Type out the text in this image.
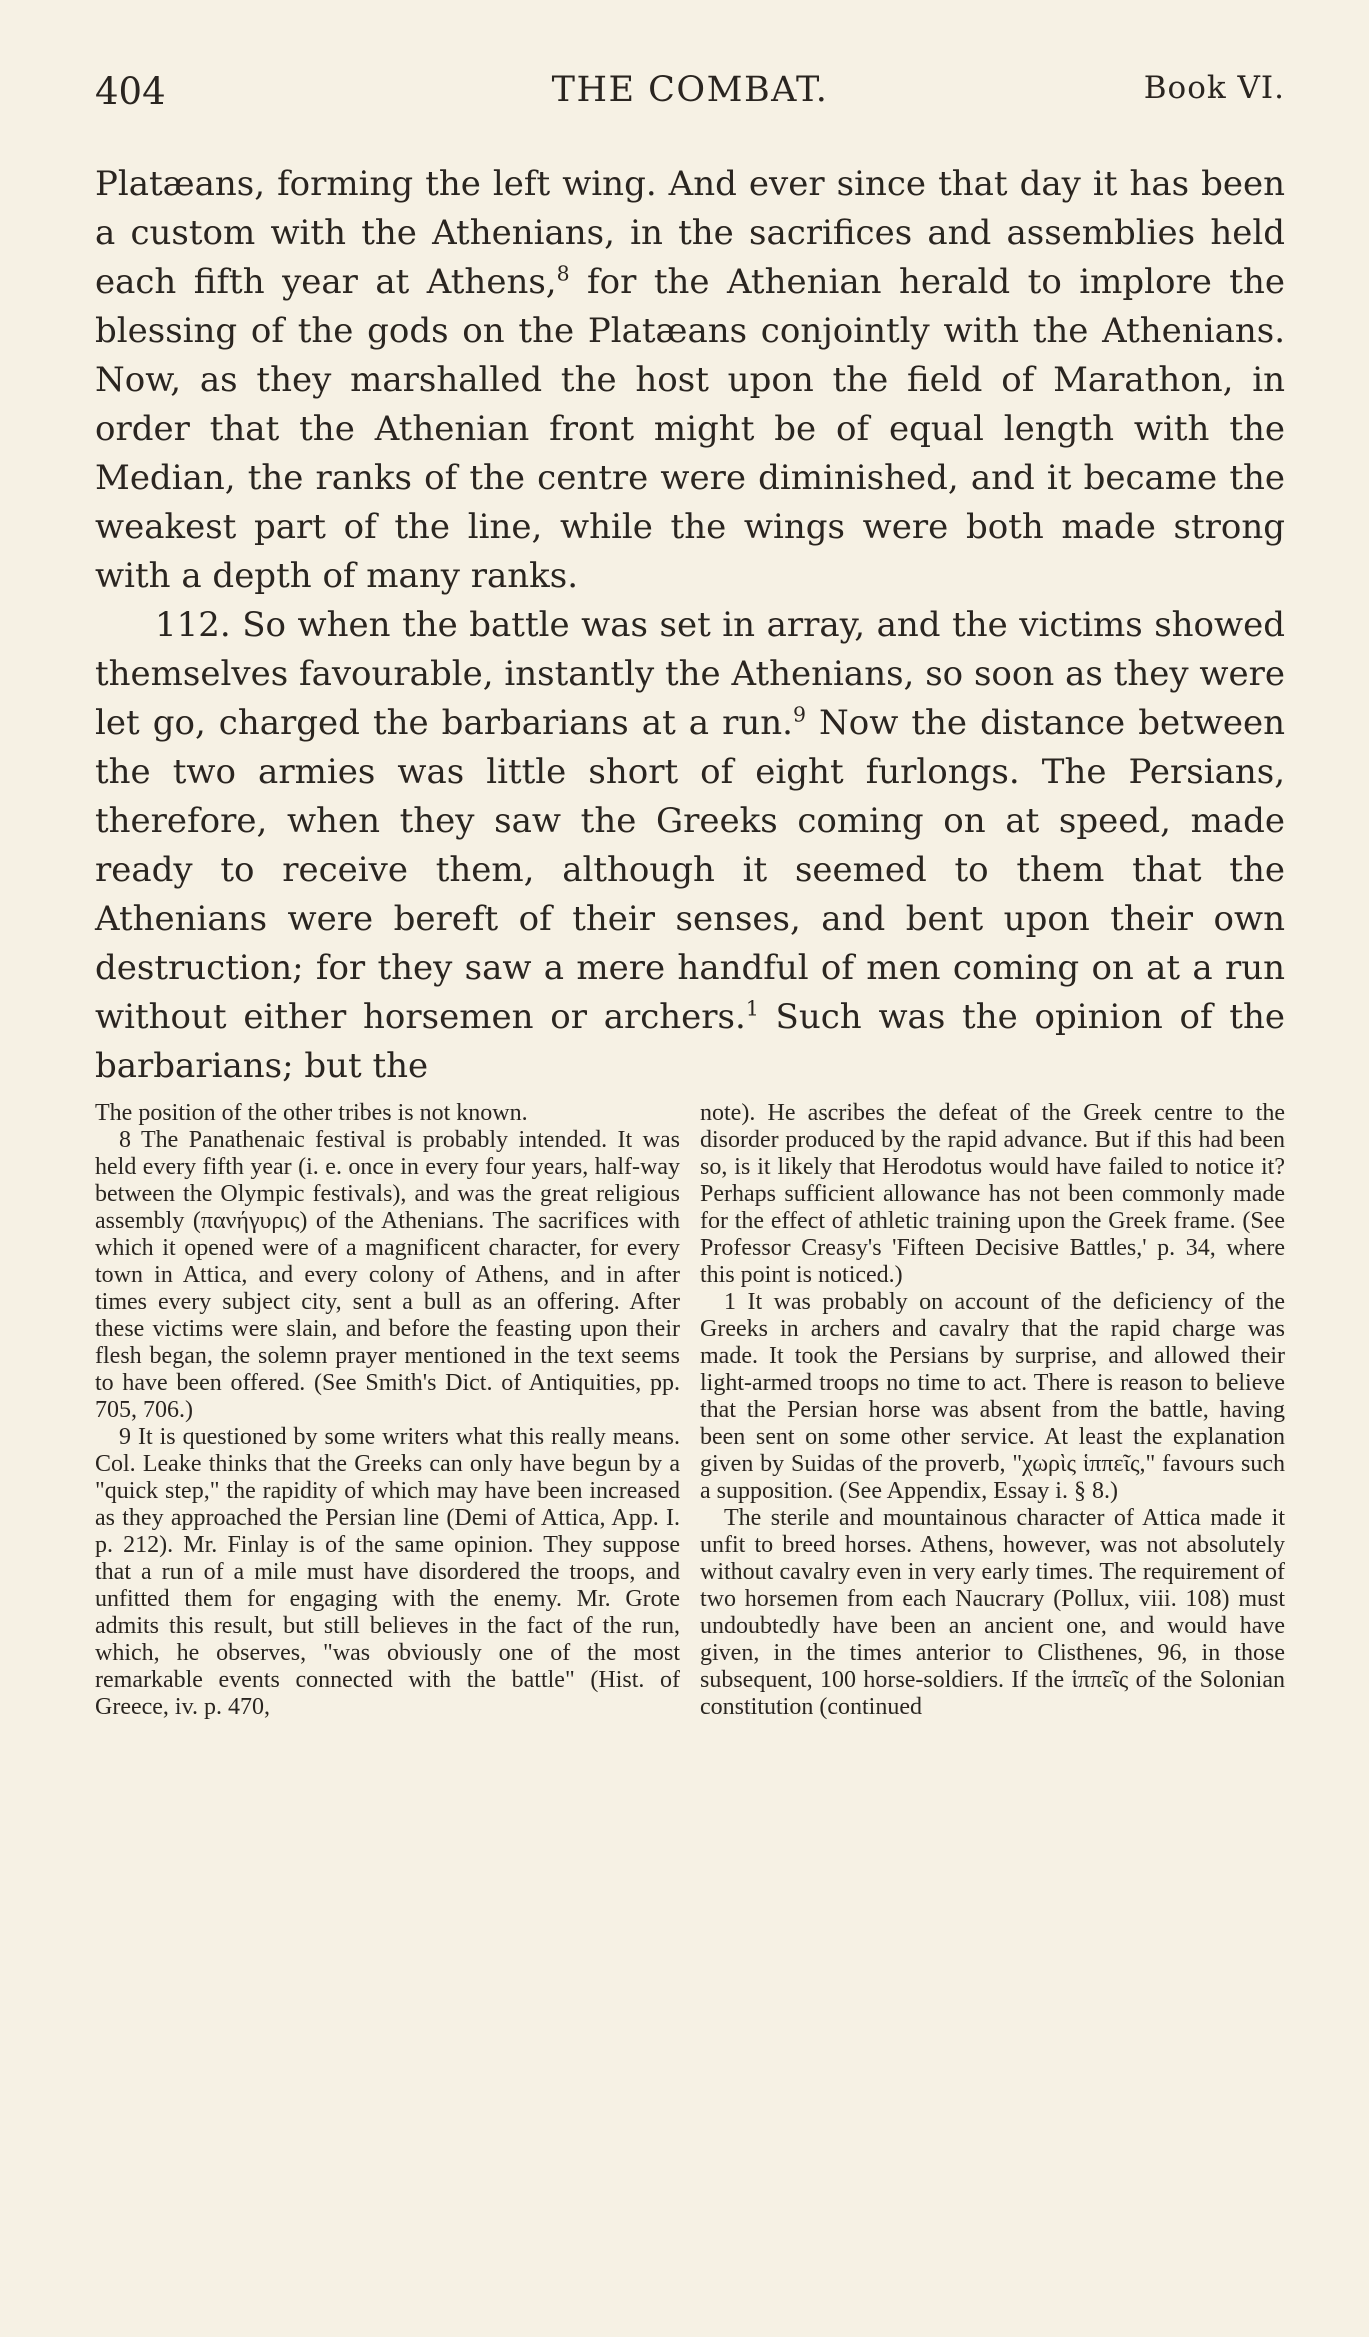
404	THE COMBAT.	Book VI.

Platæans, forming the left wing. And ever since that day it has been a custom with the Athenians, in the sacrifices and assemblies held each fifth year at Athens,$^8$ for the Athenian herald to implore the blessing of the gods on the Platæans conjointly with the Athenians. Now, as they marshalled the host upon the field of Marathon, in order that the Athenian front might be of equal length with the Median, the ranks of the centre were diminished, and it became the weakest part of the line, while the wings were both made strong with a depth of many ranks.

112. So when the battle was set in array, and the victims showed themselves favourable, instantly the Athenians, so soon as they were let go, charged the barbarians at a run.$^9$ Now the distance between the two armies was little short of eight furlongs. The Persians, therefore, when they saw the Greeks coming on at speed, made ready to receive them, although it seemed to them that the Athenians were bereft of their senses, and bent upon their own destruction; for they saw a mere handful of men coming on at a run without either horsemen or archers.$^1$ Such was the opinion of the barbarians; but the

The position of the other tribes is not known.

8 The Panathenaic festival is probably intended. It was held every fifth year (i. e. once in every four years, half-way between the Olympic festivals), and was the great religious assembly (πανήγυρις) of the Athenians. The sacrifices with which it opened were of a magnificent character, for every town in Attica, and every colony of Athens, and in after times every subject city, sent a bull as an offering. After these victims were slain, and before the feasting upon their flesh began, the solemn prayer mentioned in the text seems to have been offered. (See Smith's Dict. of Antiquities, pp. 705, 706.)

9 It is questioned by some writers what this really means. Col. Leake thinks that the Greeks can only have begun by a "quick step," the rapidity of which may have been increased as they approached the Persian line (Demi of Attica, App. I. p. 212). Mr. Finlay is of the same opinion. They suppose that a run of a mile must have disordered the troops, and unfitted them for engaging with the enemy. Mr. Grote admits this result, but still believes in the fact of the run, which, he observes, "was obviously one of the most remarkable events connected with the battle" (Hist. of Greece, iv. p. 470,

note). He ascribes the defeat of the Greek centre to the disorder produced by the rapid advance. But if this had been so, is it likely that Herodotus would have failed to notice it? Perhaps sufficient allowance has not been commonly made for the effect of athletic training upon the Greek frame. (See Professor Creasy's 'Fifteen Decisive Battles,' p. 34, where this point is noticed.)

1 It was probably on account of the deficiency of the Greeks in archers and cavalry that the rapid charge was made. It took the Persians by surprise, and allowed their light-armed troops no time to act. There is reason to believe that the Persian horse was absent from the battle, having been sent on some other service. At least the explanation given by Suidas of the proverb, "χωρὶς ἱππεῖς," favours such a supposition. (See Appendix, Essay i. § 8.)

The sterile and mountainous character of Attica made it unfit to breed horses. Athens, however, was not absolutely without cavalry even in very early times. The requirement of two horsemen from each Naucrary (Pollux, viii. 108) must undoubtedly have been an ancient one, and would have given, in the times anterior to Clisthenes, 96, in those subsequent, 100 horse-soldiers. If the ἱππεῖς of the Solonian constitution (continued
